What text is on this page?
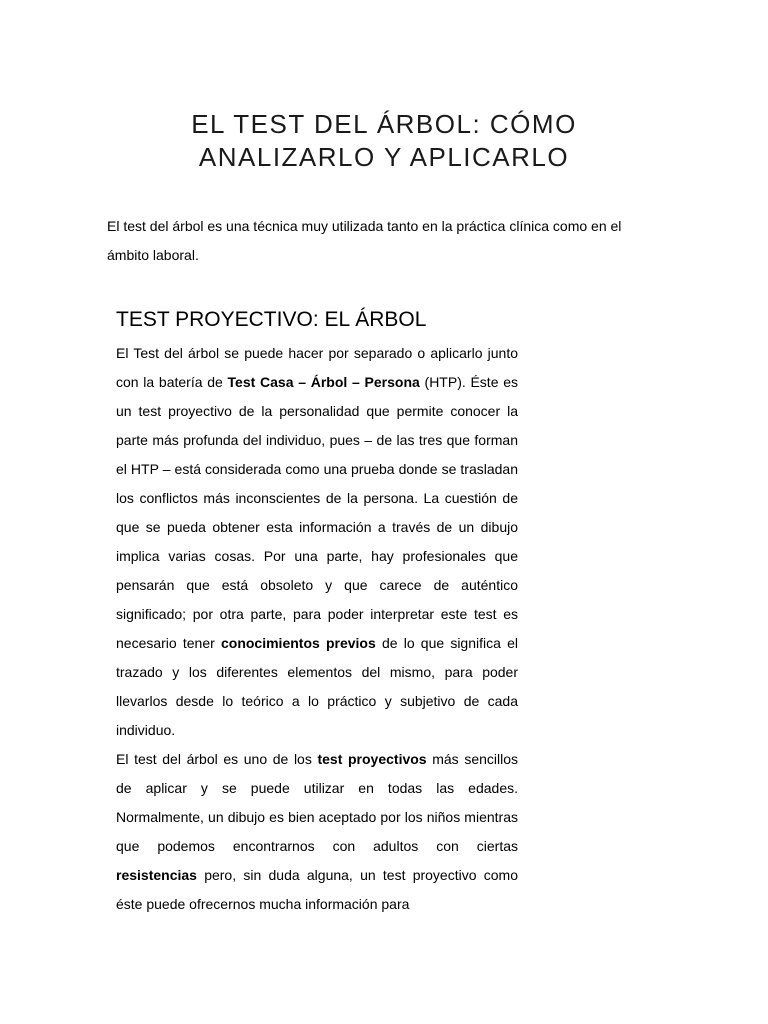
EL TEST DEL ÁRBOL: CÓMO
ANALIZARLO Y APLICARLO

El test del árbol es una técnica muy utilizada tanto en la práctica clínica como en el ámbito laboral.

TEST PROYECTIVO: EL ÁRBOL

El Test del árbol se puede hacer por separado o aplicarlo junto con la batería de Test Casa – Árbol – Persona (HTP). Éste es un test proyectivo de la personalidad que permite conocer la parte más profunda del individuo, pues – de las tres que forman el HTP – está considerada como una prueba donde se trasladan los conflictos más inconscientes de la persona. La cuestión de que se pueda obtener esta información a través de un dibujo implica varias cosas. Por una parte, hay profesionales que pensarán que está obsoleto y que carece de auténtico significado; por otra parte, para poder interpretar este test es necesario tener conocimientos previos de lo que significa el trazado y los diferentes elementos del mismo, para poder llevarlos desde lo teórico a lo práctico y subjetivo de cada individuo.

El test del árbol es uno de los test proyectivos más sencillos de aplicar y se puede utilizar en todas las edades. Normalmente, un dibujo es bien aceptado por los niños mientras que podemos encontrarnos con adultos con ciertas resistencias pero, sin duda alguna, un test proyectivo como éste puede ofrecernos mucha información para
